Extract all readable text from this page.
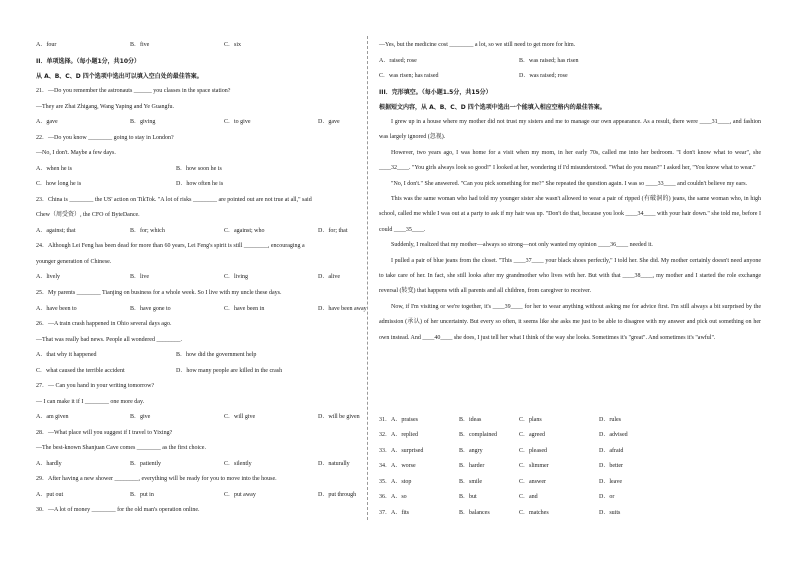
A．four	B．five	C．six
II．单项选择。（每小题1分，共10分）
从 A、B、C、D 四个选项中选出可以填入空白处的最佳答案。
21．—Do you remember the astronauts ______ you classes in the space station?
—They are Zhai Zhigang, Wang Yaping and Ye Guangfu.
A．gave	B．giving	C．to give	D．gave
22．—Do you know ________ going to stay in London?
—No, I don't. Maybe a few days.
A．when he is	B．how soon he is
C．how long he is	D．how often he is
23．China is ________ the US' action on TikTok. "A lot of risks ________ are pointed out are not true at all," said
Chew（周受资）, the CFO of ByteDance.
A．against; that	B．for; which	C．against; who	D．for; that
24．Although Lei Feng has been dead for more than 60 years, Lei Feng's spirit is still ________, encouraging a
younger generation of Chinese.
A．lively	B．live	C．living	D．alive
25．My parents ________ Tianjing on business for a whole week. So I live with my uncle these days.
A．have been to	B．have gone to	C．have been in	D．have been away
26．—A train crash happened in Ohio several days ago.
—That was really bad news. People all wondered ________.
A．that why it happened	B．how did the government help
C．what caused the terrible accident	D．how many people are killed in the crash
27．— Can you hand in your writing tomorrow?
— I can make it if I ________ one more day.
A．am given	B．give	C．will give	D．will be given
28．—What place will you suggest if I travel to Yixing?
—The best-known Shanjuan Cave comes ________ as the first choice.
A．hardly	B．patiently	C．silently	D．naturally
29．After having a new shower ________, everything will be ready for you to move into the house.
A．put out	B．put in	C．put away	D．put through
30．—A lot of money ________ for the old man's operation online.
—Yes, but the medicine cost ________ a lot, so we still need to get more for him.
A．raised; rose	B．was raised; has risen
C．was risen; has raised	D．was raised; rose
III．完形填空。（每小题1.5分，共15分）
根据短文内容，从 A、B、C、D 四个选项中选出一个能填入相应空格内的最佳答案。

I grew up in a house where my mother did not trust my sisters and me to manage our own appearance. As a result, there were ____31____, and fashion was largely ignored (忽视).

However, two years ago, I was home for a visit when my mom, in her early 70s, called me into her bedroom. "I don't know what to wear", she ____32____. "You girls always look so good!" I looked at her, wondering if I'd misunderstood. "What do you mean?" I asked her, "You know what to wear."

"No, I don't." She answered. "Can you pick something for me?" She repeated the question again. I was so ____33____ and couldn't believe my ears.

This was the same woman who had told my younger sister she wasn't allowed to wear a pair of ripped (有破洞的) jeans, the same woman who, in high school, called me while I was out at a party to ask if my hair was up. "Don't do that, because you look ____34____ with your hair down." she told me, before I could ____35____.

Suddenly, I realized that my mother—always so strong—not only wanted my opinion ____36____ needed it.

I pulled a pair of blue jeans from the closet. "This ____37____ your black shoes perfectly," I told her. She did. My mother certainly doesn't need anyone to take care of her. In fact, she still looks after my grandmother who lives with her. But with that ____38____, my mother and I started the role exchange reversal (转变) that happens with all parents and all children, from caregiver to receiver.

Now, if I'm visiting or we're together, it's ____39____ for her to wear anything without asking me for advice first. I'm still always a bit surprised by the admission (承认) of her uncertainty. But every so often, it seems like she asks me just to be able to disagree with my answer and pick out something on her own instead. And ____40____ she does, I just tell her what I think of the way she looks. Sometimes it's "great". And sometimes it's "awful".

31． A．praises	B．ideas	C．plans	D．rules
32． A．replied	B．complained	C．agreed	D．advised
33． A．surprised	B．angry	C．pleased	D．afraid
34． A．worse	B．harder	C．slimmer	D．better
35． A．stop	B．smile	C．answer	D．leave
36． A．so	B．but	C．and	D．or
37． A．fits	B．balances	C．matches	D．suits
